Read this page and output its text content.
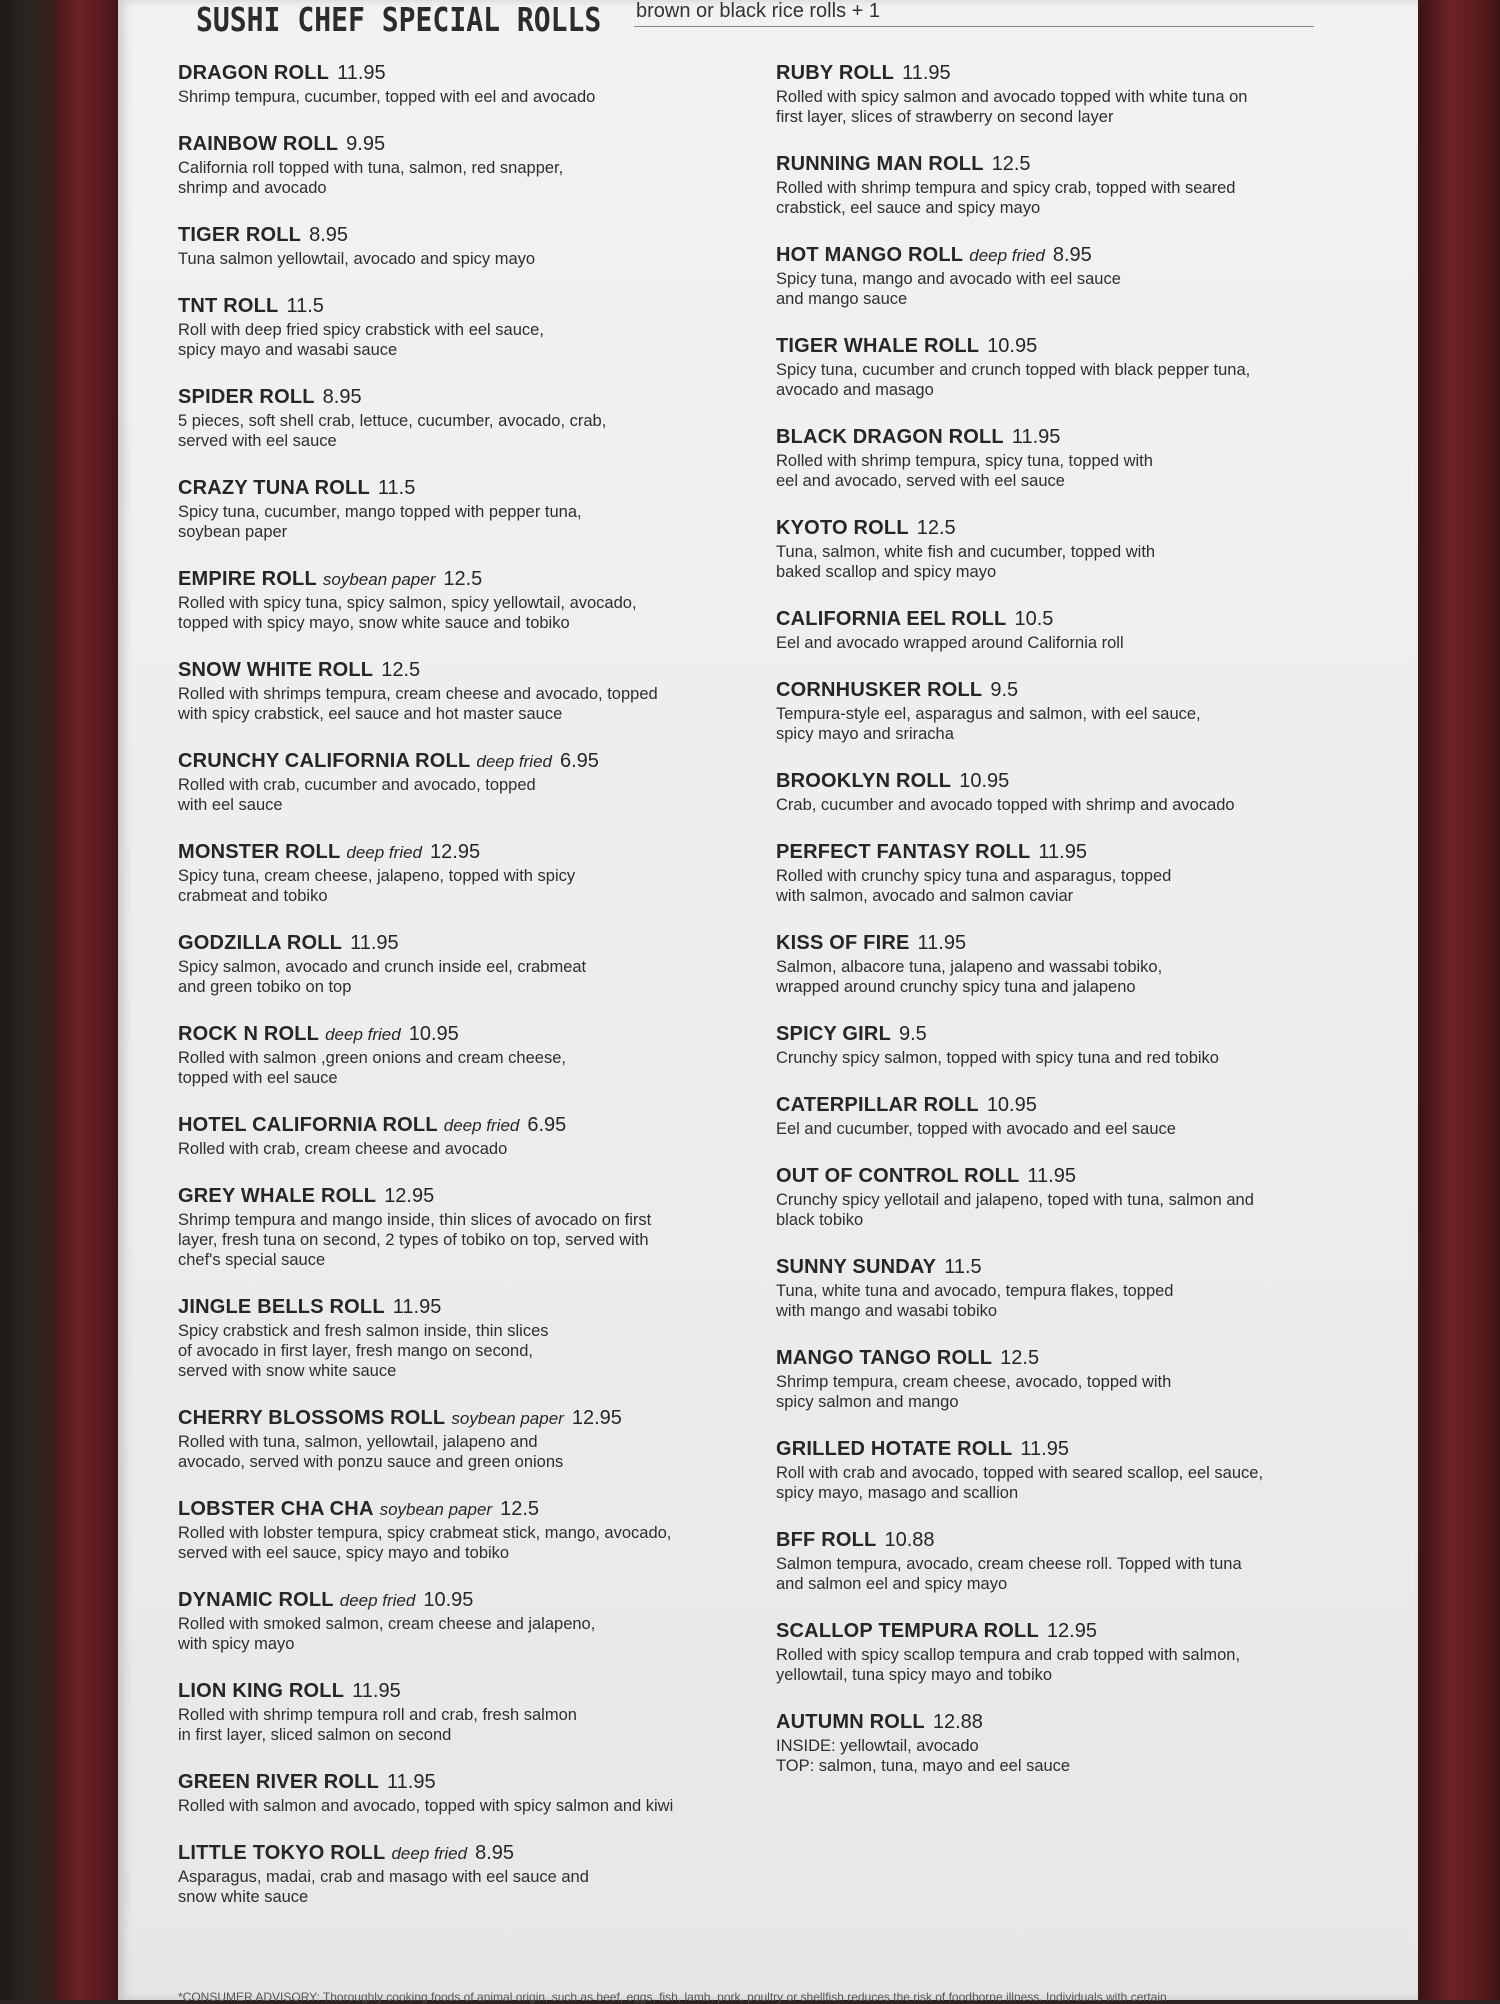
SUSHI CHEF SPECIAL ROLLS brown or black rice rolls + 1
DRAGON ROLL 11.95
Shrimp tempura, cucumber, topped with eel and avocado
RAINBOW ROLL 9.95
California roll topped with tuna, salmon, red snapper,
shrimp and avocado
TIGER ROLL 8.95
Tuna salmon yellowtail, avocado and spicy mayo
TNT ROLL 11.5
Roll with deep fried spicy crabstick with eel sauce,
spicy mayo and wasabi sauce
SPIDER ROLL 8.95
5 pieces, soft shell crab, lettuce, cucumber, avocado, crab,
served with eel sauce
CRAZY TUNA ROLL 11.5
Spicy tuna, cucumber, mango topped with pepper tuna,
soybean paper
EMPIRE ROLL soybean paper 12.5
Rolled with spicy tuna, spicy salmon, spicy yellowtail, avocado,
topped with spicy mayo, snow white sauce and tobiko
SNOW WHITE ROLL 12.5
Rolled with shrimps tempura, cream cheese and avocado, topped
with spicy crabstick, eel sauce and hot master sauce
CRUNCHY CALIFORNIA ROLL deep fried 6.95
Rolled with crab, cucumber and avocado, topped
with eel sauce
MONSTER ROLL deep fried 12.95
Spicy tuna, cream cheese, jalapeno, topped with spicy
crabmeat and tobiko
GODZILLA ROLL 11.95
Spicy salmon, avocado and crunch inside eel, crabmeat
and green tobiko on top
ROCK N ROLL deep fried 10.95
Rolled with salmon ,green onions and cream cheese,
topped with eel sauce
HOTEL CALIFORNIA ROLL deep fried 6.95
Rolled with crab, cream cheese and avocado
GREY WHALE ROLL 12.95
Shrimp tempura and mango inside, thin slices of avocado on first
layer, fresh tuna on second, 2 types of tobiko on top, served with
chef's special sauce
JINGLE BELLS ROLL 11.95
Spicy crabstick and fresh salmon inside, thin slices
of avocado in first layer, fresh mango on second,
served with snow white sauce
CHERRY BLOSSOMS ROLL soybean paper 12.95
Rolled with tuna, salmon, yellowtail, jalapeno and
avocado, served with ponzu sauce and green onions
LOBSTER CHA CHA soybean paper 12.5
Rolled with lobster tempura, spicy crabmeat stick, mango, avocado,
served with eel sauce, spicy mayo and tobiko
DYNAMIC ROLL deep fried 10.95
Rolled with smoked salmon, cream cheese and jalapeno,
with spicy mayo
LION KING ROLL 11.95
Rolled with shrimp tempura roll and crab, fresh salmon
in first layer, sliced salmon on second
GREEN RIVER ROLL 11.95
Rolled with salmon and avocado, topped with spicy salmon and kiwi
LITTLE TOKYO ROLL deep fried 8.95
Asparagus, madai, crab and masago with eel sauce and
snow white sauce
RUBY ROLL 11.95
Rolled with spicy salmon and avocado topped with white tuna on
first layer, slices of strawberry on second layer
RUNNING MAN ROLL 12.5
Rolled with shrimp tempura and spicy crab, topped with seared
crabstick, eel sauce and spicy mayo
HOT MANGO ROLL deep fried 8.95
Spicy tuna, mango and avocado with eel sauce
and mango sauce
TIGER WHALE ROLL 10.95
Spicy tuna, cucumber and crunch topped with black pepper tuna,
avocado and masago
BLACK DRAGON ROLL 11.95
Rolled with shrimp tempura, spicy tuna, topped with
eel and avocado, served with eel sauce
KYOTO ROLL 12.5
Tuna, salmon, white fish and cucumber, topped with
baked scallop and spicy mayo
CALIFORNIA EEL ROLL 10.5
Eel and avocado wrapped around California roll
CORNHUSKER ROLL 9.5
Tempura-style eel, asparagus and salmon, with eel sauce,
spicy mayo and sriracha
BROOKLYN ROLL 10.95
Crab, cucumber and avocado topped with shrimp and avocado
PERFECT FANTASY ROLL 11.95
Rolled with crunchy spicy tuna and asparagus, topped
with salmon, avocado and salmon caviar
KISS OF FIRE 11.95
Salmon, albacore tuna, jalapeno and wassabi tobiko,
wrapped around crunchy spicy tuna and jalapeno
SPICY GIRL 9.5
Crunchy spicy salmon, topped with spicy tuna and red tobiko
CATERPILLAR ROLL 10.95
Eel and cucumber, topped with avocado and eel sauce
OUT OF CONTROL ROLL 11.95
Crunchy spicy yellotail and jalapeno, toped with tuna, salmon and
black tobiko
SUNNY SUNDAY 11.5
Tuna, white tuna and avocado, tempura flakes, topped
with mango and wasabi tobiko
MANGO TANGO ROLL 12.5
Shrimp tempura, cream cheese, avocado, topped with
spicy salmon and mango
GRILLED HOTATE ROLL 11.95
Roll with crab and avocado, topped with seared scallop, eel sauce,
spicy mayo, masago and scallion
BFF ROLL 10.88
Salmon tempura, avocado, cream cheese roll. Topped with tuna
and salmon eel and spicy mayo
SCALLOP TEMPURA ROLL 12.95
Rolled with spicy scallop tempura and crab topped with salmon,
yellowtail, tuna spicy mayo and tobiko
AUTUMN ROLL 12.88
INSIDE: yellowtail, avocado
TOP: salmon, tuna, mayo and eel sauce
*CONSUMER ADVISORY: Thoroughly cooking foods of animal origin, such as beef, eggs, fish, lamb, pork, poultry or shellfish reduces the risk of foodborne illness. Individuals with certain
